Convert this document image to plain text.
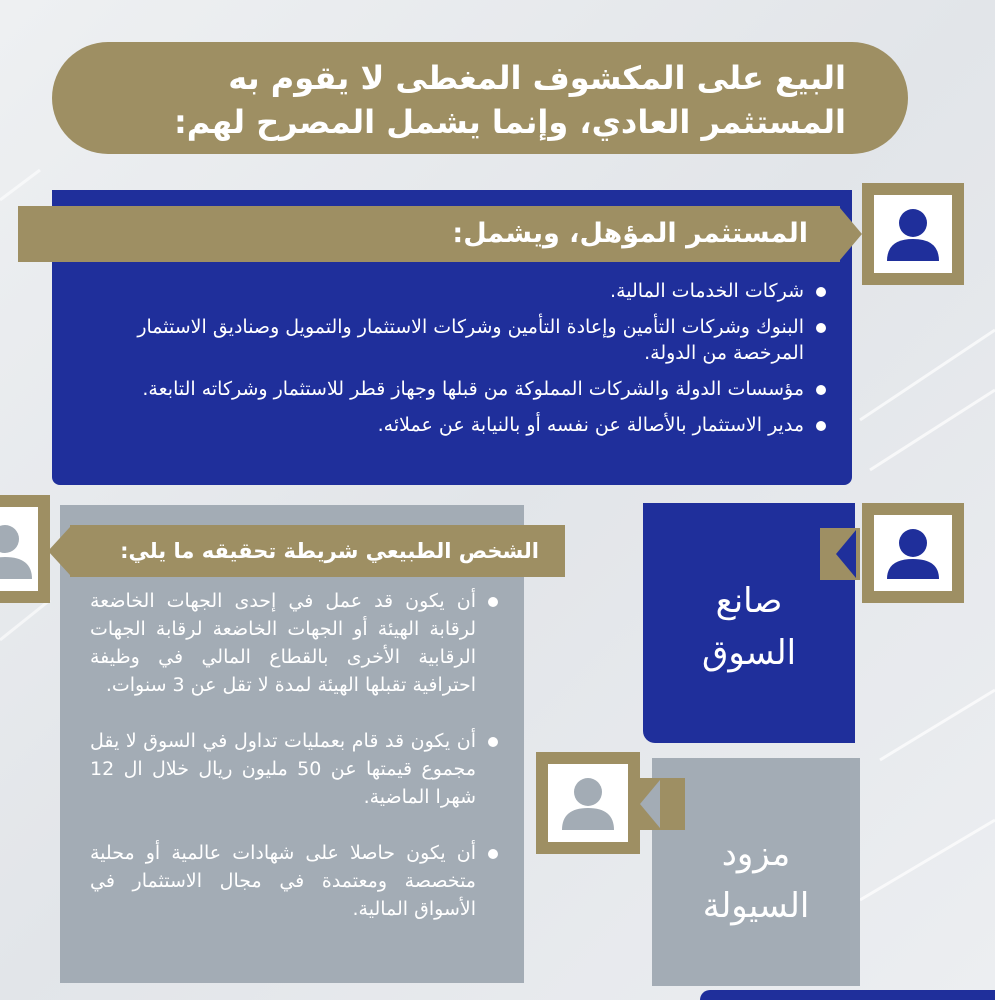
البيع على المكشوف المغطى لا يقوم به
المستثمر العادي، وإنما يشمل المصرح لهم:
شركات الخدمات المالية.
البنوك وشركات التأمين وإعادة التأمين وشركات الاستثمار والتمويل وصناديق الاستثمار المرخصة من الدولة.
مؤسسات الدولة والشركات المملوكة من قبلها وجهاز قطر للاستثمار وشركاته التابعة.
مدير الاستثمار بالأصالة عن نفسه أو بالنيابة عن عملائه.
المستثمر المؤهل، ويشمل:
أن يكون قد عمل في إحدى الجهات الخاضعة لرقابة الهيئة أو الجهات الخاضعة لرقابة الجهات الرقابية الأخرى بالقطاع المالي في وظيفة احترافية تقبلها الهيئة لمدة لا تقل عن 3 سنوات.
أن يكون قد قام بعمليات تداول في السوق لا يقل مجموع قيمتها عن 50 مليون ريال خلال ال 12 شهرا الماضية.
أن يكون حاصلا على شهادات عالمية أو محلية متخصصة ومعتمدة في مجال الاستثمار في الأسواق المالية.
الشخص الطبيعي شريطة تحقيقه ما يلي:
صانع
السوق
مزود
السيولة
